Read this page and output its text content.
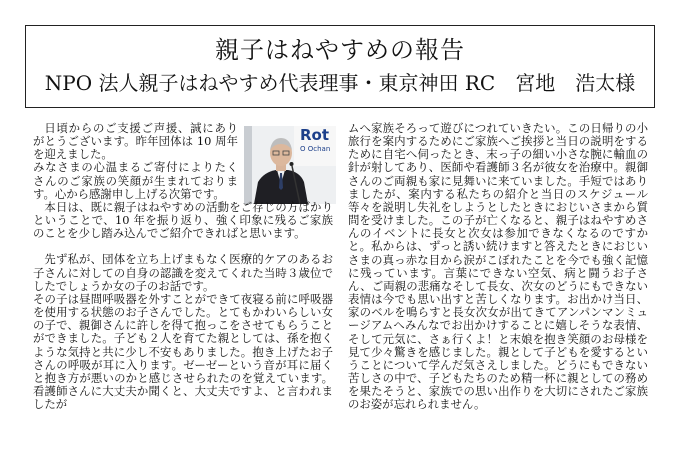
親子はねやすめの報告
NPO 法人親子はねやすめ代表理事・東京神田 RC　宮地　浩太様
Rot
O Ochan

日頃からのご支援ご声援、誠にありがとうございます。昨年団体は 10 周年を迎えました。

みなさまの心温まるご寄付によりたくさんのご家族の笑顔が生まれております。心から感謝申し上げる次第です。

本日は、既に親子はねやすめの活動をご存じの方ばかりということで、10 年を振り返り、強く印象に残るご家族のことを少し踏み込んでご紹介できればと思います。

先ず私が、団体を立ち上げまもなく医療的ケアのあるお子さんに対しての自身の認識を変えてくれた当時３歳位でしたでしょうか女の子のお話です。

その子は昼間呼吸器を外すことができて夜寝る前に呼吸器を使用する状態のお子さんでした。とてもかわいらしい女の子で、親御さんに許しを得て抱っこをさせてもらうことができました。子ども２人を育てた親としては、孫を抱くような気持と共に少し不安もありました。抱き上げたお子さんの呼吸が耳に入ります。ゼーゼーという音が耳に届くと抱き方が悪いのかと感じさせられたのを覚えています。看護師さんに大丈夫か聞くと、大丈夫ですよ、と言われましたが

ムへ家族そろって遊びにつれていきたい。この日帰りの小旅行を案内するためにご家族へご挨拶と当日の説明をするために自宅へ伺ったとき、末っ子の細い小さな腕に輸血の針が射してあり、医師や看護師３名が彼女を治療中。親御さんのご両親も家に見舞いに来ていました。手短ではありましたが、案内する私たちの紹介と当日のスケジュール等々を説明し失礼をしようとしたときにおじいさまから質問を受けました。この子が亡くなると、親子はねやすめさんのイベントに長女と次女は参加できなくなるのですかと。私からは、ずっと誘い続けますと答えたときにおじいさまの真っ赤な目から涙がこぼれたことを今でも強く記憶に残っています。言葉にできない空気、病と闘うお子さん、ご両親の悲痛なそして長女、次女のどうにもできない表情は今でも思い出すと苦しくなります。お出かけ当日、家のベルを鳴らすと長女次女が出てきてアンパンマンミュージアムへみんなでお出かけすることに嬉しそうな表情、そして元気に、さぁ行くよ！と末娘を抱き笑顔のお母様を見て少々驚きを感じました。親として子どもを愛するということについて学んだ気さえしました。どうにもできない苦しさの中で、子どもたちのため精一杯に親としての務めを果たそうと、家族での思い出作りを大切にされたご家族のお姿が忘れられません。
